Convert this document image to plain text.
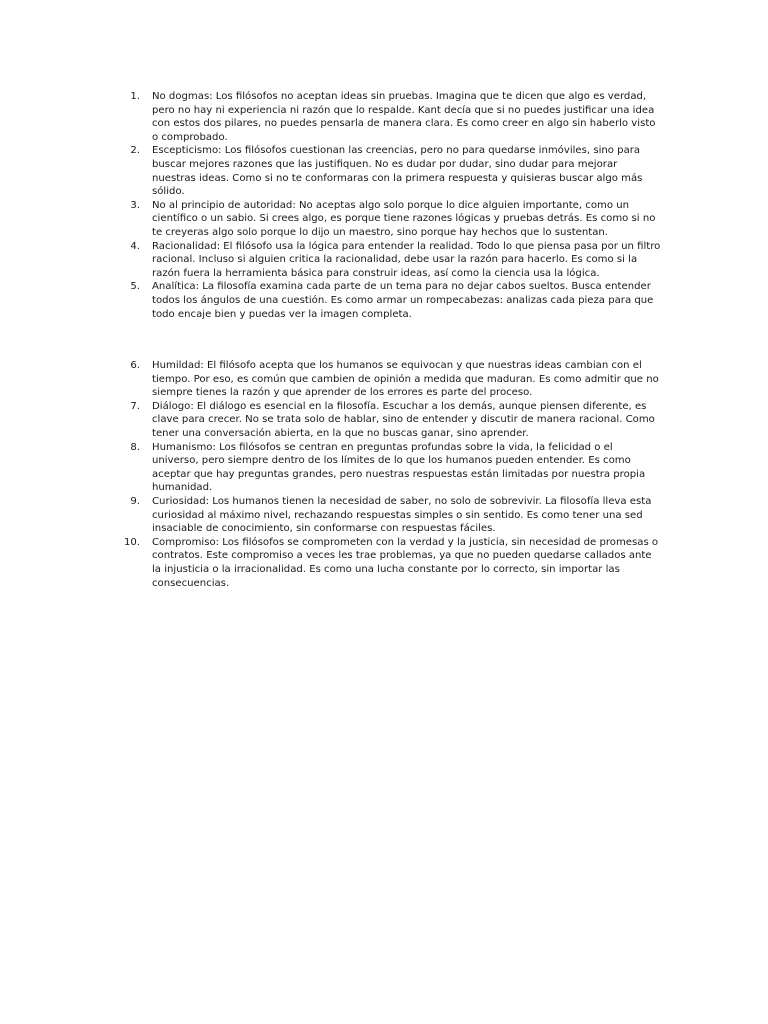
1. No dogmas: Los filósofos no aceptan ideas sin pruebas. Imagina que te dicen que algo es verdad, pero no hay ni experiencia ni razón que lo respalde. Kant decía que si no puedes justificar una idea con estos dos pilares, no puedes pensarla de manera clara. Es como creer en algo sin haberlo visto o comprobado.
2. Escepticismo: Los filósofos cuestionan las creencias, pero no para quedarse inmóviles, sino para buscar mejores razones que las justifiquen. No es dudar por dudar, sino dudar para mejorar nuestras ideas. Como si no te conformaras con la primera respuesta y quisieras buscar algo más sólido.
3. No al principio de autoridad: No aceptas algo solo porque lo dice alguien importante, como un científico o un sabio. Si crees algo, es porque tiene razones lógicas y pruebas detrás. Es como si no te creyeras algo solo porque lo dijo un maestro, sino porque hay hechos que lo sustentan.
4. Racionalidad: El filósofo usa la lógica para entender la realidad. Todo lo que piensa pasa por un filtro racional. Incluso si alguien critica la racionalidad, debe usar la razón para hacerlo. Es como si la razón fuera la herramienta básica para construir ideas, así como la ciencia usa la lógica.
5. Analítica: La filosofía examina cada parte de un tema para no dejar cabos sueltos. Busca entender todos los ángulos de una cuestión. Es como armar un rompecabezas: analizas cada pieza para que todo encaje bien y puedas ver la imagen completa.
6. Humildad: El filósofo acepta que los humanos se equivocan y que nuestras ideas cambian con el tiempo. Por eso, es común que cambien de opinión a medida que maduran. Es como admitir que no siempre tienes la razón y que aprender de los errores es parte del proceso.
7. Diálogo: El diálogo es esencial en la filosofía. Escuchar a los demás, aunque piensen diferente, es clave para crecer. No se trata solo de hablar, sino de entender y discutir de manera racional. Como tener una conversación abierta, en la que no buscas ganar, sino aprender.
8. Humanismo: Los filósofos se centran en preguntas profundas sobre la vida, la felicidad o el universo, pero siempre dentro de los límites de lo que los humanos pueden entender. Es como aceptar que hay preguntas grandes, pero nuestras respuestas están limitadas por nuestra propia humanidad.
9. Curiosidad: Los humanos tienen la necesidad de saber, no solo de sobrevivir. La filosofía lleva esta curiosidad al máximo nivel, rechazando respuestas simples o sin sentido. Es como tener una sed insaciable de conocimiento, sin conformarse con respuestas fáciles.
10. Compromiso: Los filósofos se comprometen con la verdad y la justicia, sin necesidad de promesas o contratos. Este compromiso a veces les trae problemas, ya que no pueden quedarse callados ante la injusticia o la irracionalidad. Es como una lucha constante por lo correcto, sin importar las consecuencias.
